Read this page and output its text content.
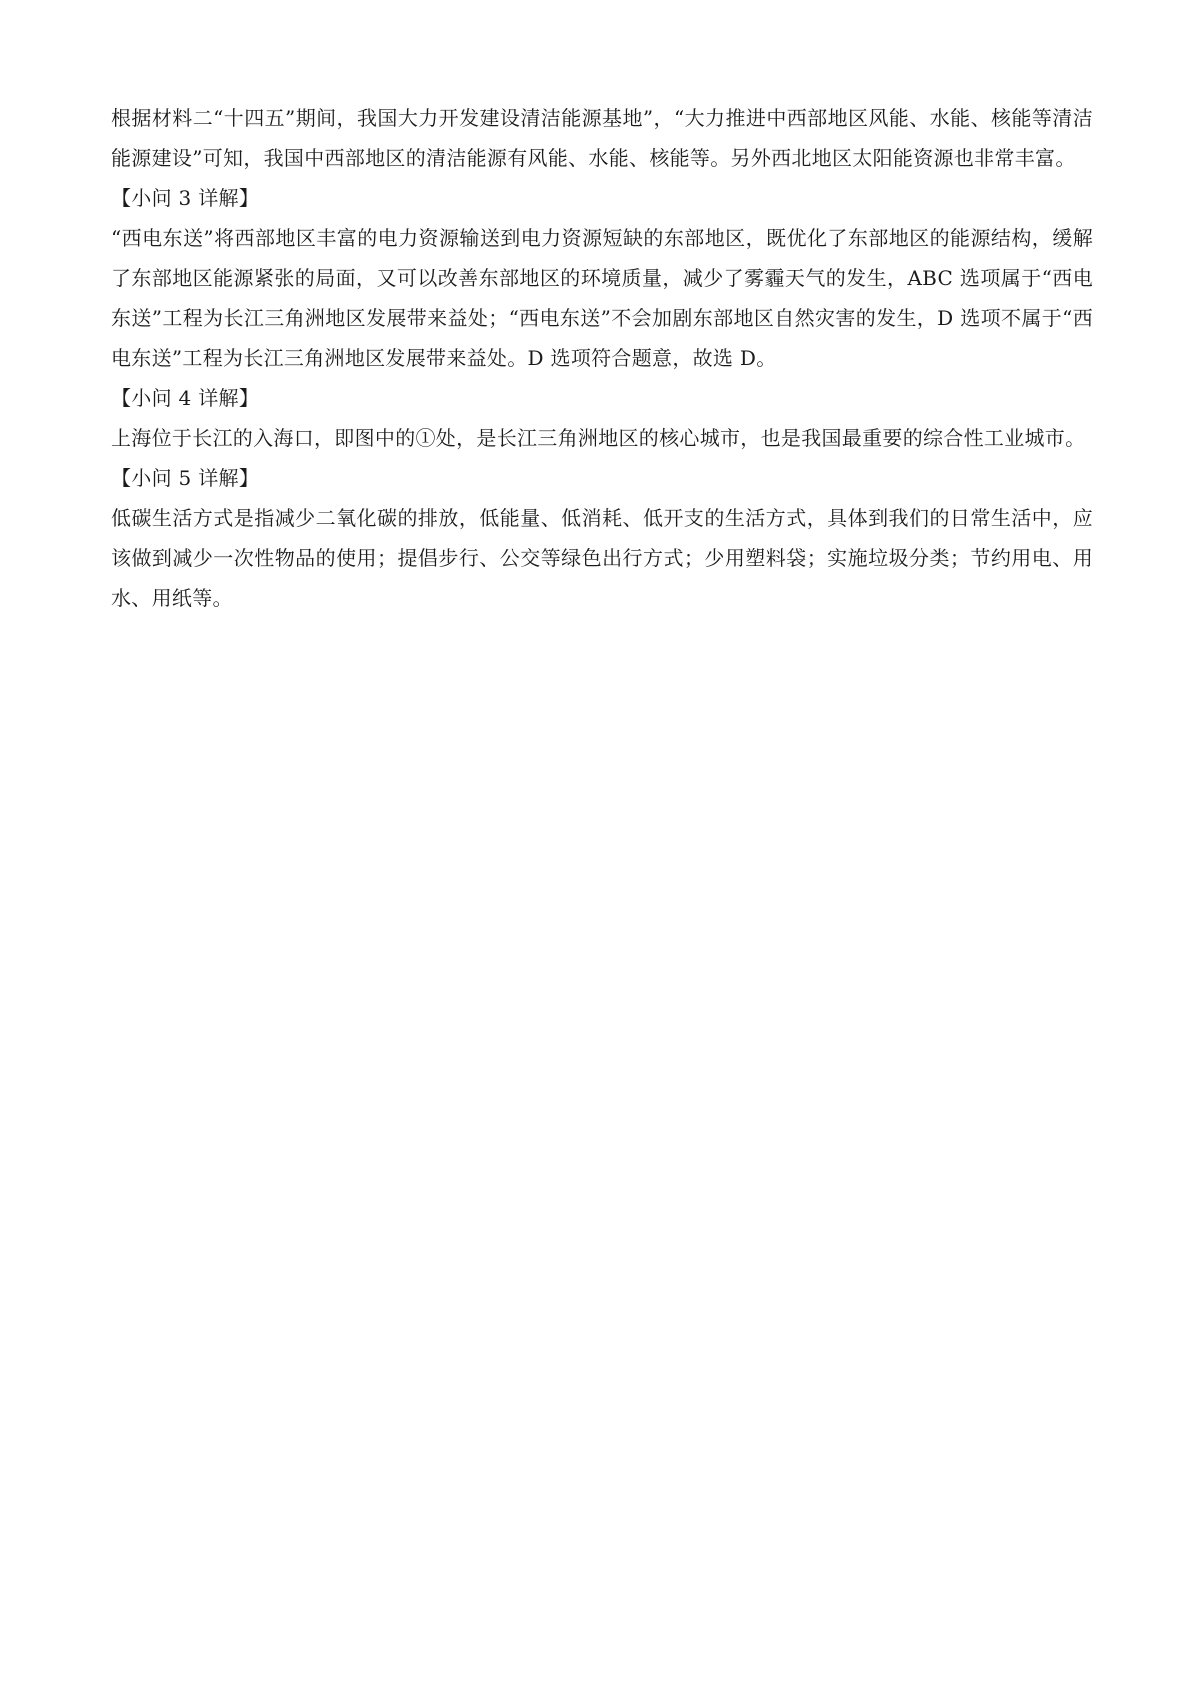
根据材料二“十四五”期间，我国大力开发建设清洁能源基地”，“大力推进中西部地区风能、水能、核能等清洁能源建设”可知，我国中西部地区的清洁能源有风能、水能、核能等。另外西北地区太阳能资源也非常丰富。

【小问 3 详解】

“西电东送”将西部地区丰富的电力资源输送到电力资源短缺的东部地区，既优化了东部地区的能源结构，缓解了东部地区能源紧张的局面，又可以改善东部地区的环境质量，减少了雾霾天气的发生，ABC 选项属于“西电东送”工程为长江三角洲地区发展带来益处；“西电东送”不会加剧东部地区自然灾害的发生，D 选项不属于“西电东送”工程为长江三角洲地区发展带来益处。D 选项符合题意，故选 D。

【小问 4 详解】

上海位于长江的入海口，即图中的①处，是长江三角洲地区的核心城市，也是我国最重要的综合性工业城市。

【小问 5 详解】

低碳生活方式是指减少二氧化碳的排放，低能量、低消耗、低开支的生活方式，具体到我们的日常生活中，应该做到减少一次性物品的使用；提倡步行、公交等绿色出行方式；少用塑料袋；实施垃圾分类；节约用电、用水、用纸等。
